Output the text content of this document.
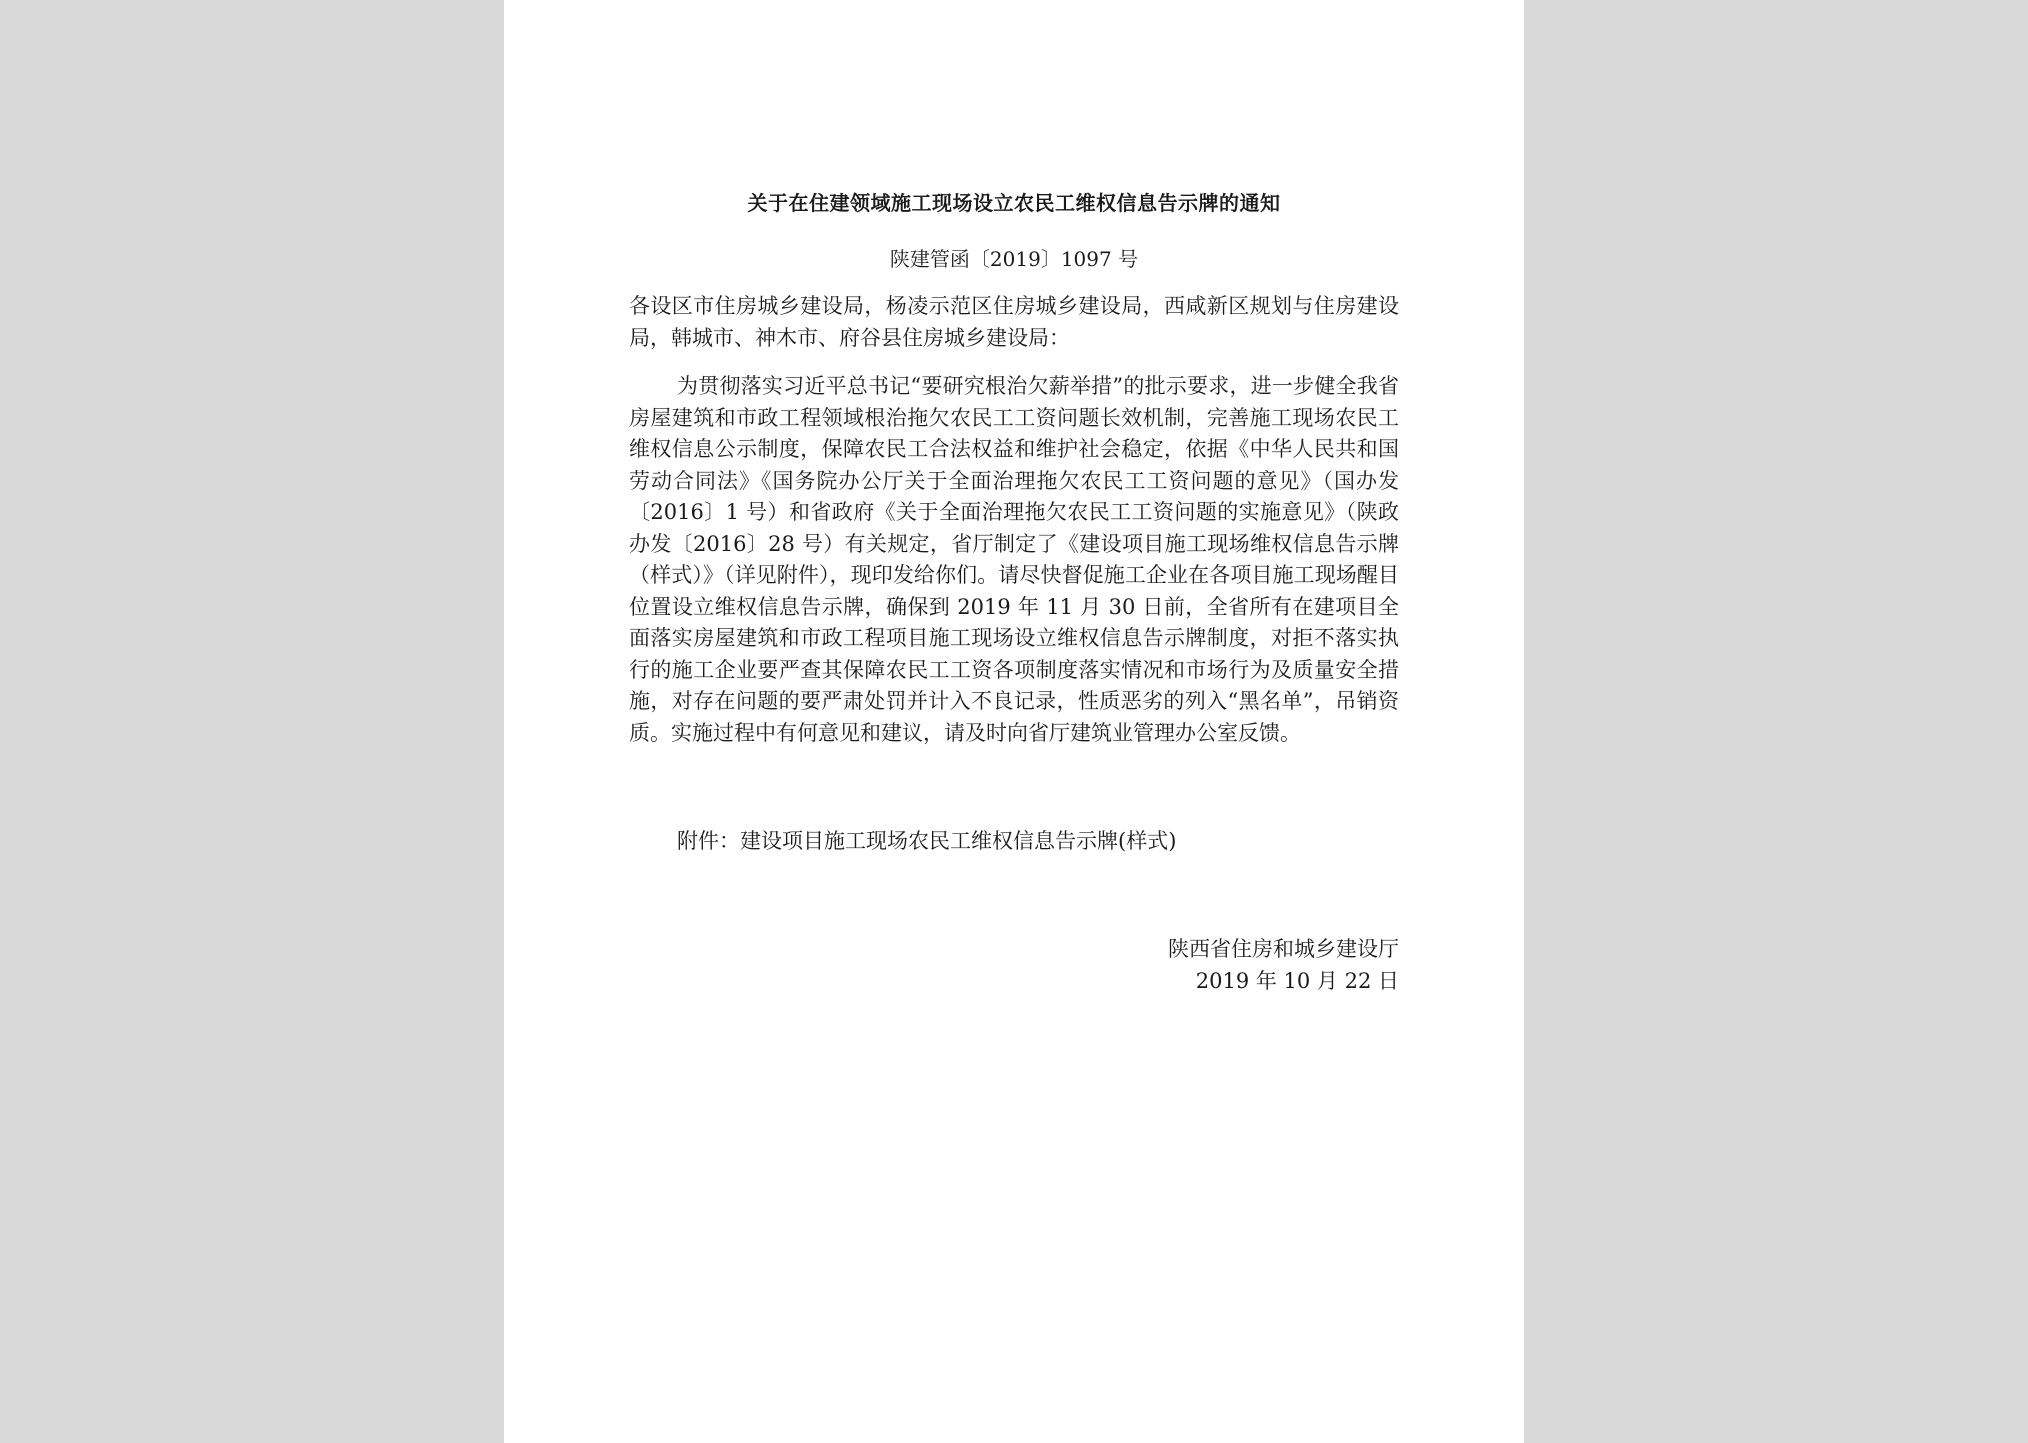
关于在住建领域施工现场设立农民工维权信息告示牌的通知
陕建管函〔2019〕1097 号
各设区市住房城乡建设局，杨凌示范区住房城乡建设局，西咸新区规划与住房建设局，韩城市、神木市、府谷县住房城乡建设局：
为贯彻落实习近平总书记“要研究根治欠薪举措”的批示要求，进一步健全我省房屋建筑和市政工程领域根治拖欠农民工工资问题长效机制，完善施工现场农民工维权信息公示制度，保障农民工合法权益和维护社会稳定，依据《中华人民共和国劳动合同法》《国务院办公厅关于全面治理拖欠农民工工资问题的意见》（国办发〔2016〕1 号）和省政府《关于全面治理拖欠农民工工资问题的实施意见》（陕政办发〔2016〕28 号）有关规定，省厅制定了《建设项目施工现场维权信息告示牌（样式）》（详见附件），现印发给你们。请尽快督促施工企业在各项目施工现场醒目位置设立维权信息告示牌，确保到 2019 年 11 月 30 日前，全省所有在建项目全面落实房屋建筑和市政工程项目施工现场设立维权信息告示牌制度，对拒不落实执行的施工企业要严查其保障农民工工资各项制度落实情况和市场行为及质量安全措施，对存在问题的要严肃处罚并计入不良记录，性质恶劣的列入“黑名单”，吊销资质。实施过程中有何意见和建议，请及时向省厅建筑业管理办公室反馈。
附件：建设项目施工现场农民工维权信息告示牌(样式)
陕西省住房和城乡建设厅
2019 年 10 月 22 日
